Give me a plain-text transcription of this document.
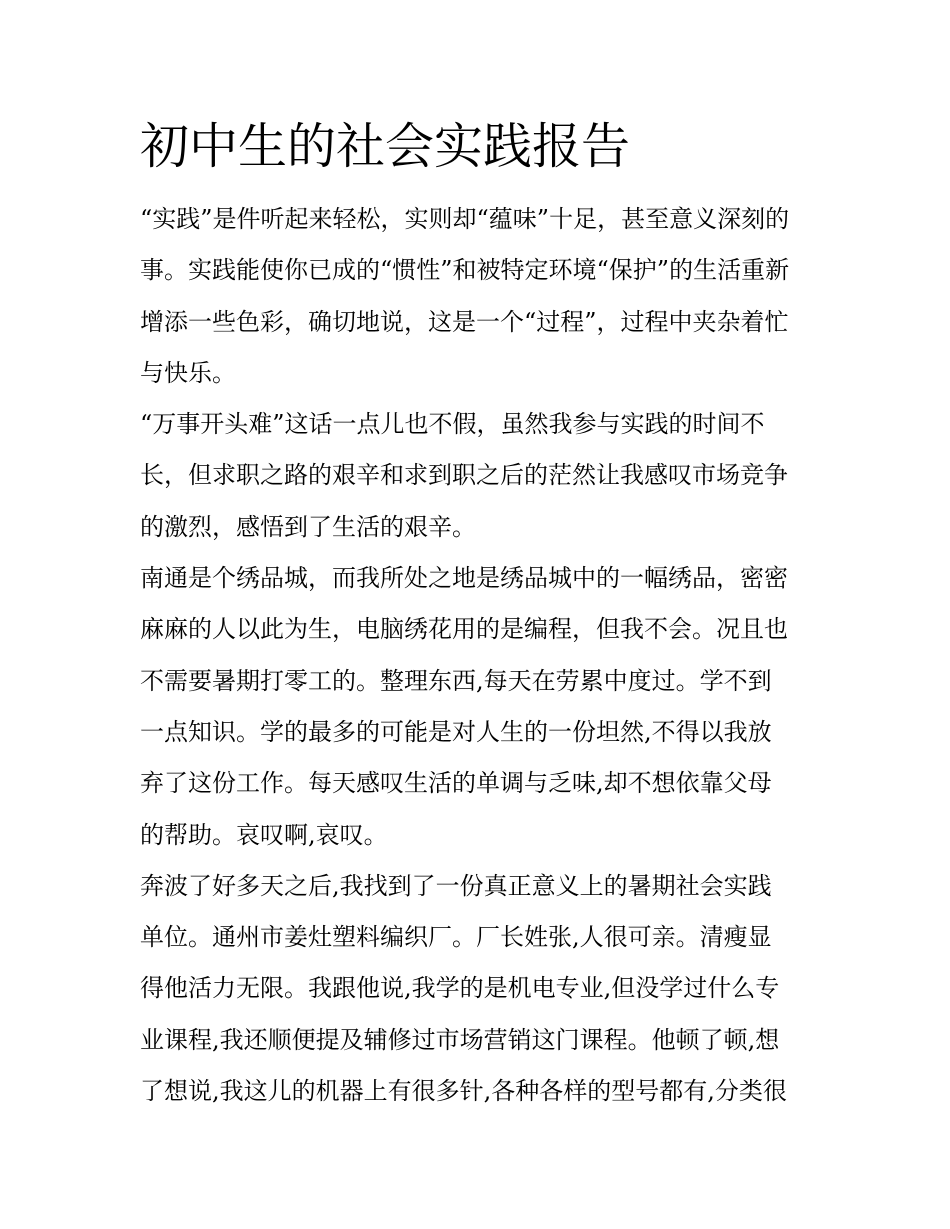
初中生的社会实践报告
“实践”是件听起来轻松，实则却“蕴味”十足，甚至意义深刻的
事。实践能使你已成的“惯性”和被特定环境“保护”的生活重新
增添一些色彩，确切地说，这是一个“过程”，过程中夹杂着忙
与快乐。
“万事开头难”这话一点儿也不假，虽然我参与实践的时间不
长，但求职之路的艰辛和求到职之后的茫然让我感叹市场竞争
的激烈，感悟到了生活的艰辛。
南通是个绣品城，而我所处之地是绣品城中的一幅绣品，密密
麻麻的人以此为生，电脑绣花用的是编程，但我不会。况且也
不需要暑期打零工的。整理东西,每天在劳累中度过。学不到
一点知识。学的最多的可能是对人生的一份坦然,不得以我放
弃了这份工作。每天感叹生活的单调与乏味,却不想依靠父母
的帮助。哀叹啊,哀叹。
奔波了好多天之后,我找到了一份真正意义上的暑期社会实践
单位。通州市姜灶塑料编织厂。厂长姓张,人很可亲。清瘦显
得他活力无限。我跟他说,我学的是机电专业,但没学过什么专
业课程,我还顺便提及辅修过市场营销这门课程。他顿了顿,想
了想说,我这儿的机器上有很多针,各种各样的型号都有,分类很
